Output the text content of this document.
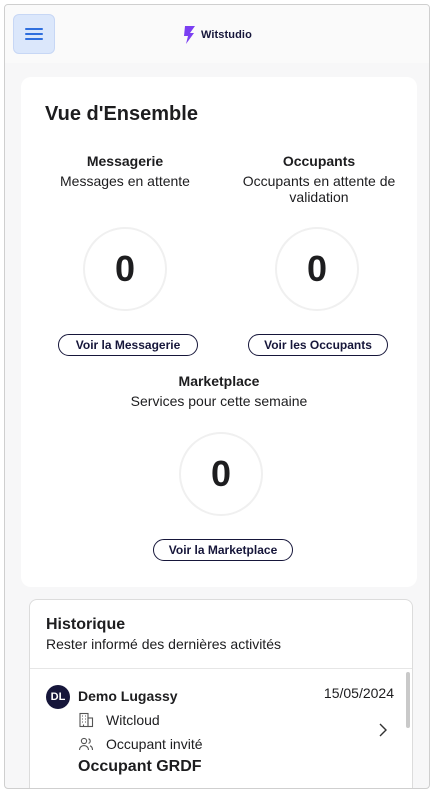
Witstudio
Vue d'Ensemble
Messagerie
Messages en attente
0
Voir la Messagerie
Occupants
Occupants en attente de
validation
0
Voir les Occupants
Marketplace
Services pour cette semaine
0
Voir la Marketplace
Historique
Rester informé des dernières activités
DL Demo Lugassy	15/05/2024
Witcloud
Occupant invité
Occupant GRDF
